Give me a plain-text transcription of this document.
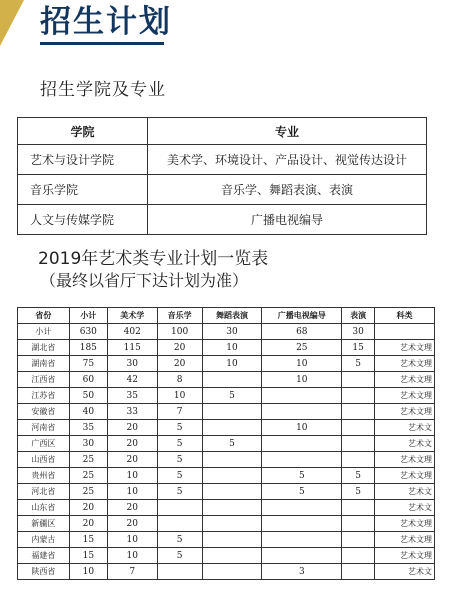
招生计划
招生学院及专业
学院	专业
艺术与设计学院	美术学、环境设计、产品设计、视觉传达设计
音乐学院	音乐学、舞蹈表演、表演
人文与传媒学院	广播电视编导
2019年艺术类专业计划一览表
（最终以省厅下达计划为准）
省份	小计	美术学	音乐学	舞蹈表演	广播电视编导	表演	科类
小计	630	402	100	30	68	30	
湖北省	185	115	20	10	25	15	艺术文理
湖南省	75	30	20	10	10	5	艺术文理
江西省	60	42	8		10		艺术文理
江苏省	50	35	10	5			艺术文理
安徽省	40	33	7				艺术文理
河南省	35	20	5		10		艺术文
广西区	30	20	5	5			艺术文
山西省	25	20	5				艺术文理
贵州省	25	10	5		5	5	艺术文理
河北省	25	10	5		5	5	艺术文
山东省	20	20					艺术文
新疆区	20	20					艺术文理
内蒙古	15	10	5				艺术文理
福建省	15	10	5				艺术文理
陕西省	10	7			3		艺术文
